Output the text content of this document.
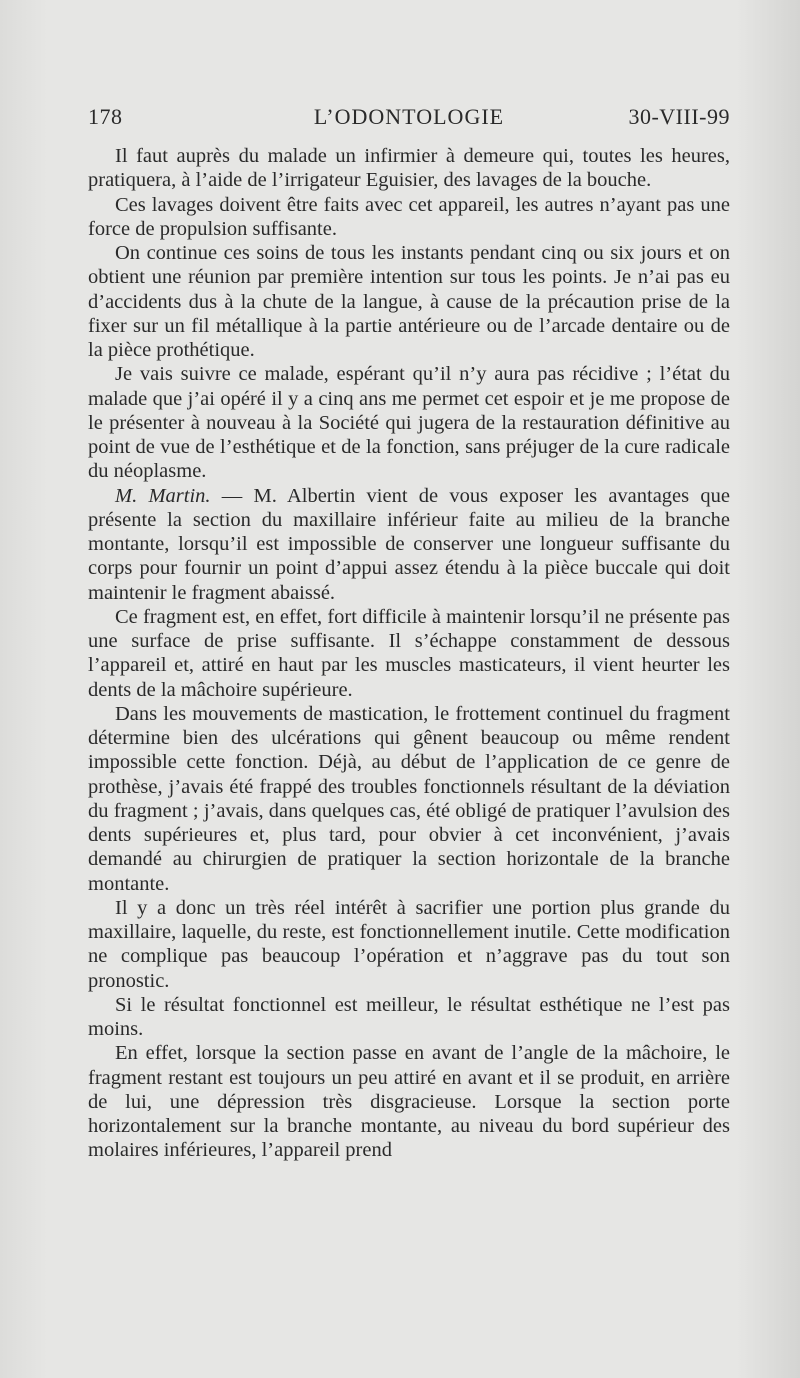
178	L’ODONTOLOGIE	30-VIII-99

Il faut auprès du malade un infirmier à demeure qui, toutes les heures, pratiquera, à l’aide de l’irrigateur Eguisier, des lavages de la bouche.

Ces lavages doivent être faits avec cet appareil, les autres n’ayant pas une force de propulsion suffisante.

On continue ces soins de tous les instants pendant cinq ou six jours et on obtient une réunion par première intention sur tous les points. Je n’ai pas eu d’accidents dus à la chute de la langue, à cause de la précaution prise de la fixer sur un fil métallique à la partie antérieure ou de l’arcade dentaire ou de la pièce prothétique.

Je vais suivre ce malade, espérant qu’il n’y aura pas récidive ; l’état du malade que j’ai opéré il y a cinq ans me permet cet espoir et je me propose de le présenter à nouveau à la Société qui jugera de la restauration définitive au point de vue de l’esthétique et de la fonction, sans préjuger de la cure radicale du néoplasme.

M. Martin. — M. Albertin vient de vous exposer les avantages que présente la section du maxillaire inférieur faite au milieu de la branche montante, lorsqu’il est impossible de conserver une longueur suffisante du corps pour fournir un point d’appui assez étendu à la pièce buccale qui doit maintenir le fragment abaissé.

Ce fragment est, en effet, fort difficile à maintenir lorsqu’il ne présente pas une surface de prise suffisante. Il s’échappe constamment de dessous l’appareil et, attiré en haut par les muscles masticateurs, il vient heurter les dents de la mâchoire supérieure.

Dans les mouvements de mastication, le frottement continuel du fragment détermine bien des ulcérations qui gênent beaucoup ou même rendent impossible cette fonction. Déjà, au début de l’application de ce genre de prothèse, j’avais été frappé des troubles fonctionnels résultant de la déviation du fragment ; j’avais, dans quelques cas, été obligé de pratiquer l’avulsion des dents supérieures et, plus tard, pour obvier à cet inconvénient, j’avais demandé au chirurgien de pratiquer la section horizontale de la branche montante.

Il y a donc un très réel intérêt à sacrifier une portion plus grande du maxillaire, laquelle, du reste, est fonctionnellement inutile. Cette modification ne complique pas beaucoup l’opération et n’aggrave pas du tout son pronostic.

Si le résultat fonctionnel est meilleur, le résultat esthétique ne l’est pas moins.

En effet, lorsque la section passe en avant de l’angle de la mâchoire, le fragment restant est toujours un peu attiré en avant et il se produit, en arrière de lui, une dépression très disgracieuse. Lorsque la section porte horizontalement sur la branche montante, au niveau du bord supérieur des molaires inférieures, l’appareil prend
